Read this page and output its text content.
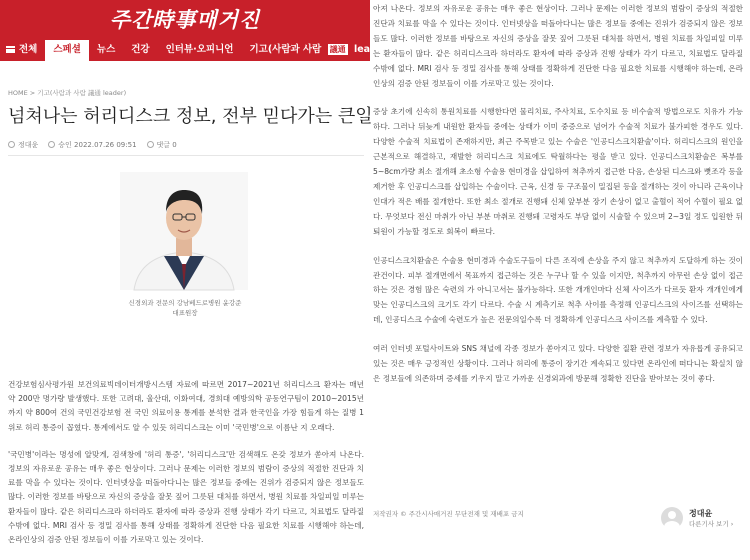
주간時事매거진
전체	스페셜	뉴스	건강	인터뷰·오피니언	기고(사람과 사람 議通 leader
HOME > 기고(사람과 사람 議通 leader)
넘쳐나는 허리디스크 정보, 전부 믿다가는 큰일
정대윤	승인 2022.07.26 09:51	댓글 0
신경외과 전문의 강남베드로병원 윤강준
대표원장

건강보험심사평가원 보건의료빅데이터개방시스템 자료에 따르면 2017~2021년 허리디스크 환자는 매년 약 200만 명가량 발생했다. 또한 고려대, 울산대, 이화여대, 경희대 예방의학 공동연구팀이 2010~2015년까지 약 800여 건의 국민건강보험 전 국민 의료이용 통계를 분석한 결과 한국인을 가장 힘들게 하는 질병 1위로 허리 통증이 꼽혔다. 통계에서도 알 수 있듯 허리디스크는 이미 '국민병'으로 이름난 지 오래다.

'국민병'이라는 명성에 알맞게, 검색창에 '허리 통증', '허리디스크'만 검색해도 온갖 정보가 쏟아져 나온다. 정보의 자유로운 공유는 매우 좋은 현상이다. 그러나 문제는 이러한 정보의 범람이 증상의 적절한 진단과 치료를 막을 수 있다는 것이다. 인터넷상을 떠돌아다니는 많은 정보들 중에는 진위가 검증되지 않은 정보들도 많다. 이러한 정보를 바탕으로 자신의 증상을 잘못 짚어 그릇된 대처를 하면서, 병원 치료를 차일피일 미루는 환자들이 많다. 같은 허리디스크라 하더라도 환자에 따라 증상과 진행 상태가 각기 다르고, 치료법도 달라질 수밖에 없다. MRI 검사 등 정밀 검사를 통해 상태를 정확하게 진단한 다음 필요한 치료를 시행해야 하는데, 온라인상의 검증 안된 정보들이 이를 가로막고 있는 것이다.

아져 나온다. 정보의 자유로운 공유는 매우 좋은 현상이다. 그러나 문제는 이러한 정보의 범람이 증상의 적절한 진단과 치료를 막을 수 있다는 것이다. 인터넷상을 떠돌아다니는 많은 정보들 중에는 진위가 검증되지 않은 정보들도 많다. 이러한 정보를 바탕으로 자신의 증상을 잘못 짚어 그릇된 대처를 하면서, 병원 치료를 차일피일 미루는 환자들이 많다. 같은 허리디스크라 하더라도 환자에 따라 증상과 진행 상태가 각기 다르고, 치료법도 달라질 수밖에 없다. MRI 검사 등 정밀 검사를 통해 상태를 정확하게 진단한 다음 필요한 치료를 시행해야 하는데, 온라인상의 검증 안된 정보들이 이를 가로막고 있는 것이다.

증상 초기에 신속히 통원치료를 시행한다면 물리치료, 주사치료, 도수치료 등 비수술적 방법으로도 치유가 가능하다. 그러나 뒤늦게 내원한 환자들 중에는 상태가 이미 중증으로 넘어가 수술적 치료가 불가피한 경우도 있다. 다양한 수술적 치료법이 존재하지만, 최근 주목받고 있는 수술은 '인공디스크치환술'이다. 허리디스크의 원인을 근본적으로 해결하고, 재발한 허리디스크 치료에도 탁월하다는 평을 받고 있다. 인공디스크치환술은 복부를 5~8cm가량 최소 절개해 초소형 수술용 현미경을 삽입하여 척추까지 접근한 다음, 손상된 디스크와 뼛조각 등을 제거한 후 인공디스크를 삽입하는 수술이다. 근육, 신경 등 구조물이 밀집된 등을 절개하는 것이 아니라 근육이나 인대가 적은 배를 절개한다. 또한 최소 절개로 진행돼 신체 앞부분 장기 손상이 없고 출혈이 적어 수혈이 필요 없다. 무엇보다 전신 마취가 아닌 부분 마취로 진행돼 고령자도 부담 없이 시술할 수 있으며 2~3일 정도 입원한 뒤 퇴원이 가능할 정도로 회복이 빠르다.

인공디스크치환술은 수술용 현미경과 수술도구들이 다른 조직에 손상을 주지 않고 척추까지 도달하게 하는 것이 관건이다. 피부 절개면에서 목표까지 접근하는 것은 누구나 할 수 있을 이지만, 척추까지 아무런 손상 없이 접근하는 것은 경험 많은 숙련의 가 아니고서는 불가능하다. 또한 개개인마다 신체 사이즈가 다르듯 환자 개개인에게 맞는 인공디스크의 크기도 각기 다르다. 수술 시 계측기로 척추 사이를 측정해 인공디스크의 사이즈를 선택하는데, 인공디스크 수술에 숙련도가 높은 전문의일수록 더 정확하게 인공디스크 사이즈를 계측할 수 있다.

여러 인터넷 포털사이트와 SNS 채널에 각종 정보가 쏟아지고 있다. 다양한 질환 관련 정보가 자유롭게 공유되고 있는 것은 매우 긍정적인 상황이다. 그러나 허리에 통증이 장기간 계속되고 있다면 온라인에 떠다니는 확실치 않은 정보들에 의존하며 증세를 키우지 말고 가까운 신경외과에 방문해 정확한 진단을 받아보는 것이 좋다.

저작권자 © 주간시사매거진 무단전재 및 재배포 금지	정대윤
다른기사 보기 ›
